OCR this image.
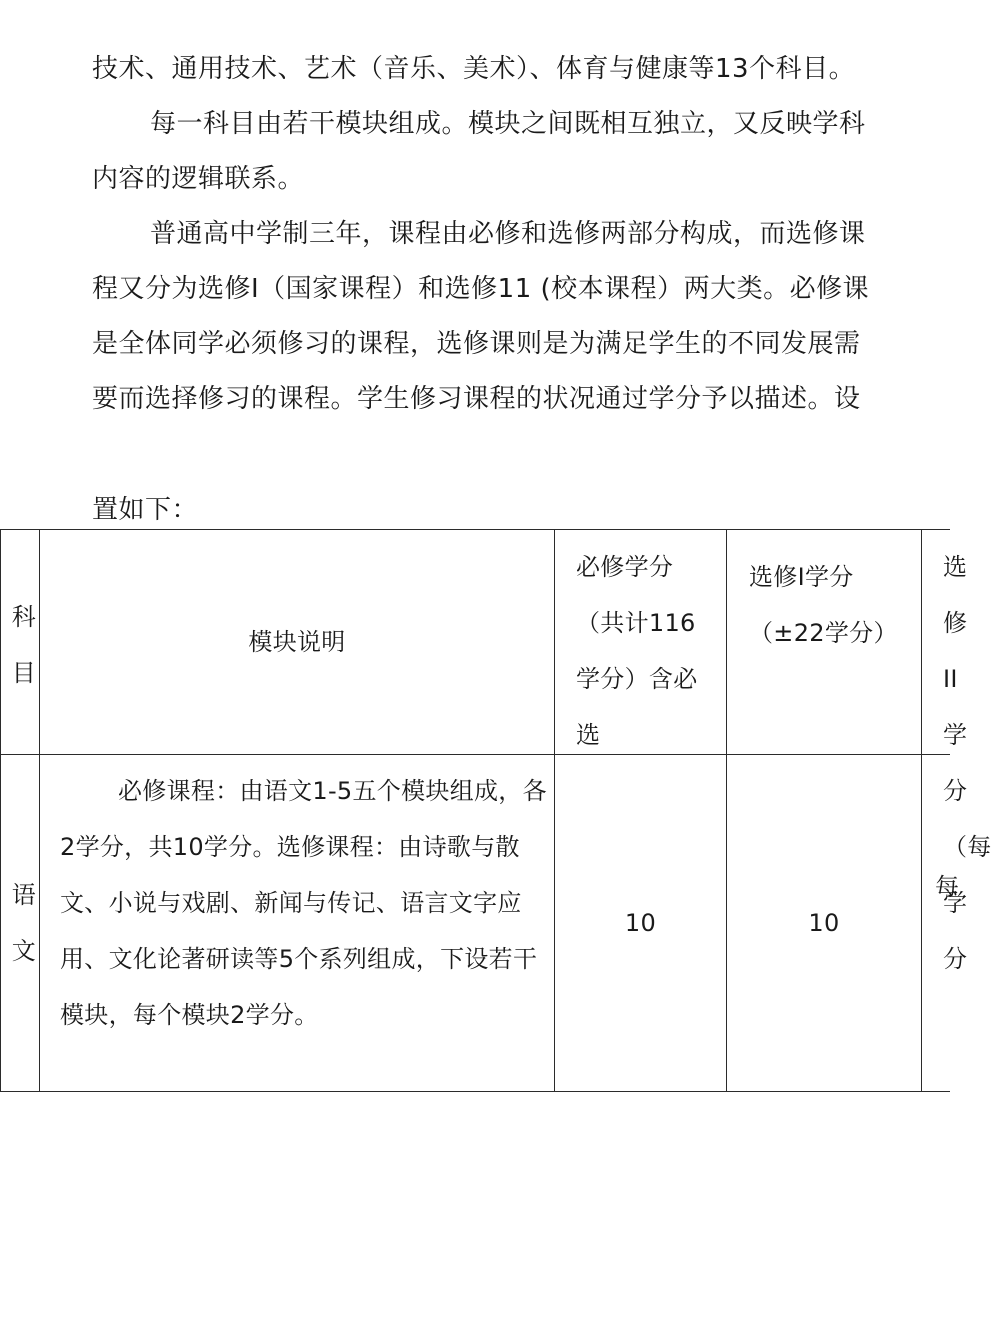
技术、通用技术、艺术（音乐、美术）、体育与健康等13个科目。

每一科目由若干模块组成。模块之间既相互独立，又反映学科内容的逻辑联系。

普通高中学制三年，课程由必修和选修两部分构成，而选修课程又分为选修I（国家课程）和选修11 (校本课程）两大类。必修课是全体同学必须修习的课程，选修课则是为满足学生的不同发展需要而选择修习的课程。学生修习课程的状况通过学分予以描述。设

置如下：

科目

模块说明

必修学分（共计116学分）含必选

选修I学分（±22学分）

选修II学分（每学分

语文

必修课程：由语文1-5五个模块组成，各2学分，共10学分。选修课程：由诗歌与散文、小说与戏剧、新闻与传记、语言文字应用、文化论著研读等5个系列组成，下设若干模块，每个模块2学分。

10	10

每
